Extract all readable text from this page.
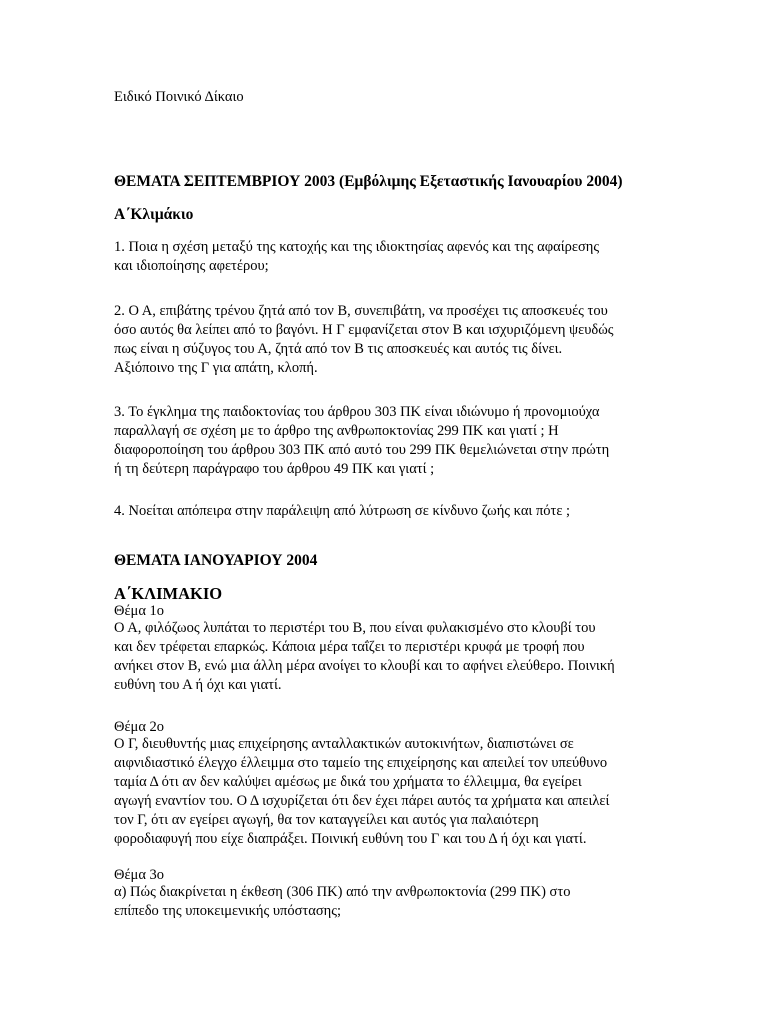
Ειδικό Ποινικό Δίκαιο

ΘΕΜΑΤΑ ΣΕΠΤΕΜΒΡΙΟΥ 2003 (Εμβόλιμης Εξεταστικής Ιανουαρίου 2004)

Α΄Κλιμάκιο

1. Ποια η σχέση μεταξύ της κατοχής και της ιδιοκτησίας αφενός και της αφαίρεσης
και ιδιοποίησης αφετέρου;

2. Ο Α, επιβάτης τρένου ζητά από τον Β, συνεπιβάτη, να προσέχει τις αποσκευές του
όσο αυτός θα λείπει από το βαγόνι. Η Γ εμφανίζεται στον Β και ισχυριζόμενη ψευδώς
πως είναι η σύζυγος του Α, ζητά από τον Β τις αποσκευές και αυτός τις δίνει.
Αξιόποινο της Γ για απάτη, κλοπή.

3. Το έγκλημα της παιδοκτονίας του άρθρου 303 ΠΚ είναι ιδιώνυμο ή προνομιούχα
παραλλαγή σε σχέση με το άρθρο της ανθρωποκτονίας 299 ΠΚ και γιατί ; Η
διαφοροποίηση του άρθρου 303 ΠΚ από αυτό του 299 ΠΚ θεμελιώνεται στην πρώτη
ή τη δεύτερη παράγραφο του άρθρου 49 ΠΚ και γιατί ;

4. Νοείται απόπειρα στην παράλειψη από λύτρωση σε κίνδυνο ζωής και πότε ;

ΘΕΜΑΤΑ ΙΑΝΟΥΑΡΙΟΥ 2004

Α΄ΚΛΙΜΑΚΙΟ

Θέμα 1ο

Ο Α, φιλόζωος λυπάται το περιστέρι του Β, που είναι φυλακισμένο στο κλουβί του
και δεν τρέφεται επαρκώς. Κάποια μέρα ταΐζει το περιστέρι κρυφά με τροφή που
ανήκει στον Β, ενώ μια άλλη μέρα ανοίγει το κλουβί και το αφήνει ελεύθερο. Ποινική
ευθύνη του Α ή όχι και γιατί.

Θέμα 2ο

Ο Γ, διευθυντής μιας επιχείρησης ανταλλακτικών αυτοκινήτων, διαπιστώνει σε
αιφνιδιαστικό έλεγχο έλλειμμα στο ταμείο της επιχείρησης και απειλεί τον υπεύθυνο
ταμία Δ ότι αν δεν καλύψει αμέσως με δικά του χρήματα το έλλειμμα, θα εγείρει
αγωγή εναντίον του. Ο Δ ισχυρίζεται ότι δεν έχει πάρει αυτός τα χρήματα και απειλεί
τον Γ, ότι αν εγείρει αγωγή, θα τον καταγγείλει και αυτός για παλαιότερη
φοροδιαφυγή που είχε διαπράξει. Ποινική ευθύνη του Γ και του Δ ή όχι και γιατί.

Θέμα 3ο

α) Πώς διακρίνεται η έκθεση (306 ΠΚ) από την ανθρωποκτονία (299 ΠΚ) στο
επίπεδο της υποκειμενικής υπόστασης;
